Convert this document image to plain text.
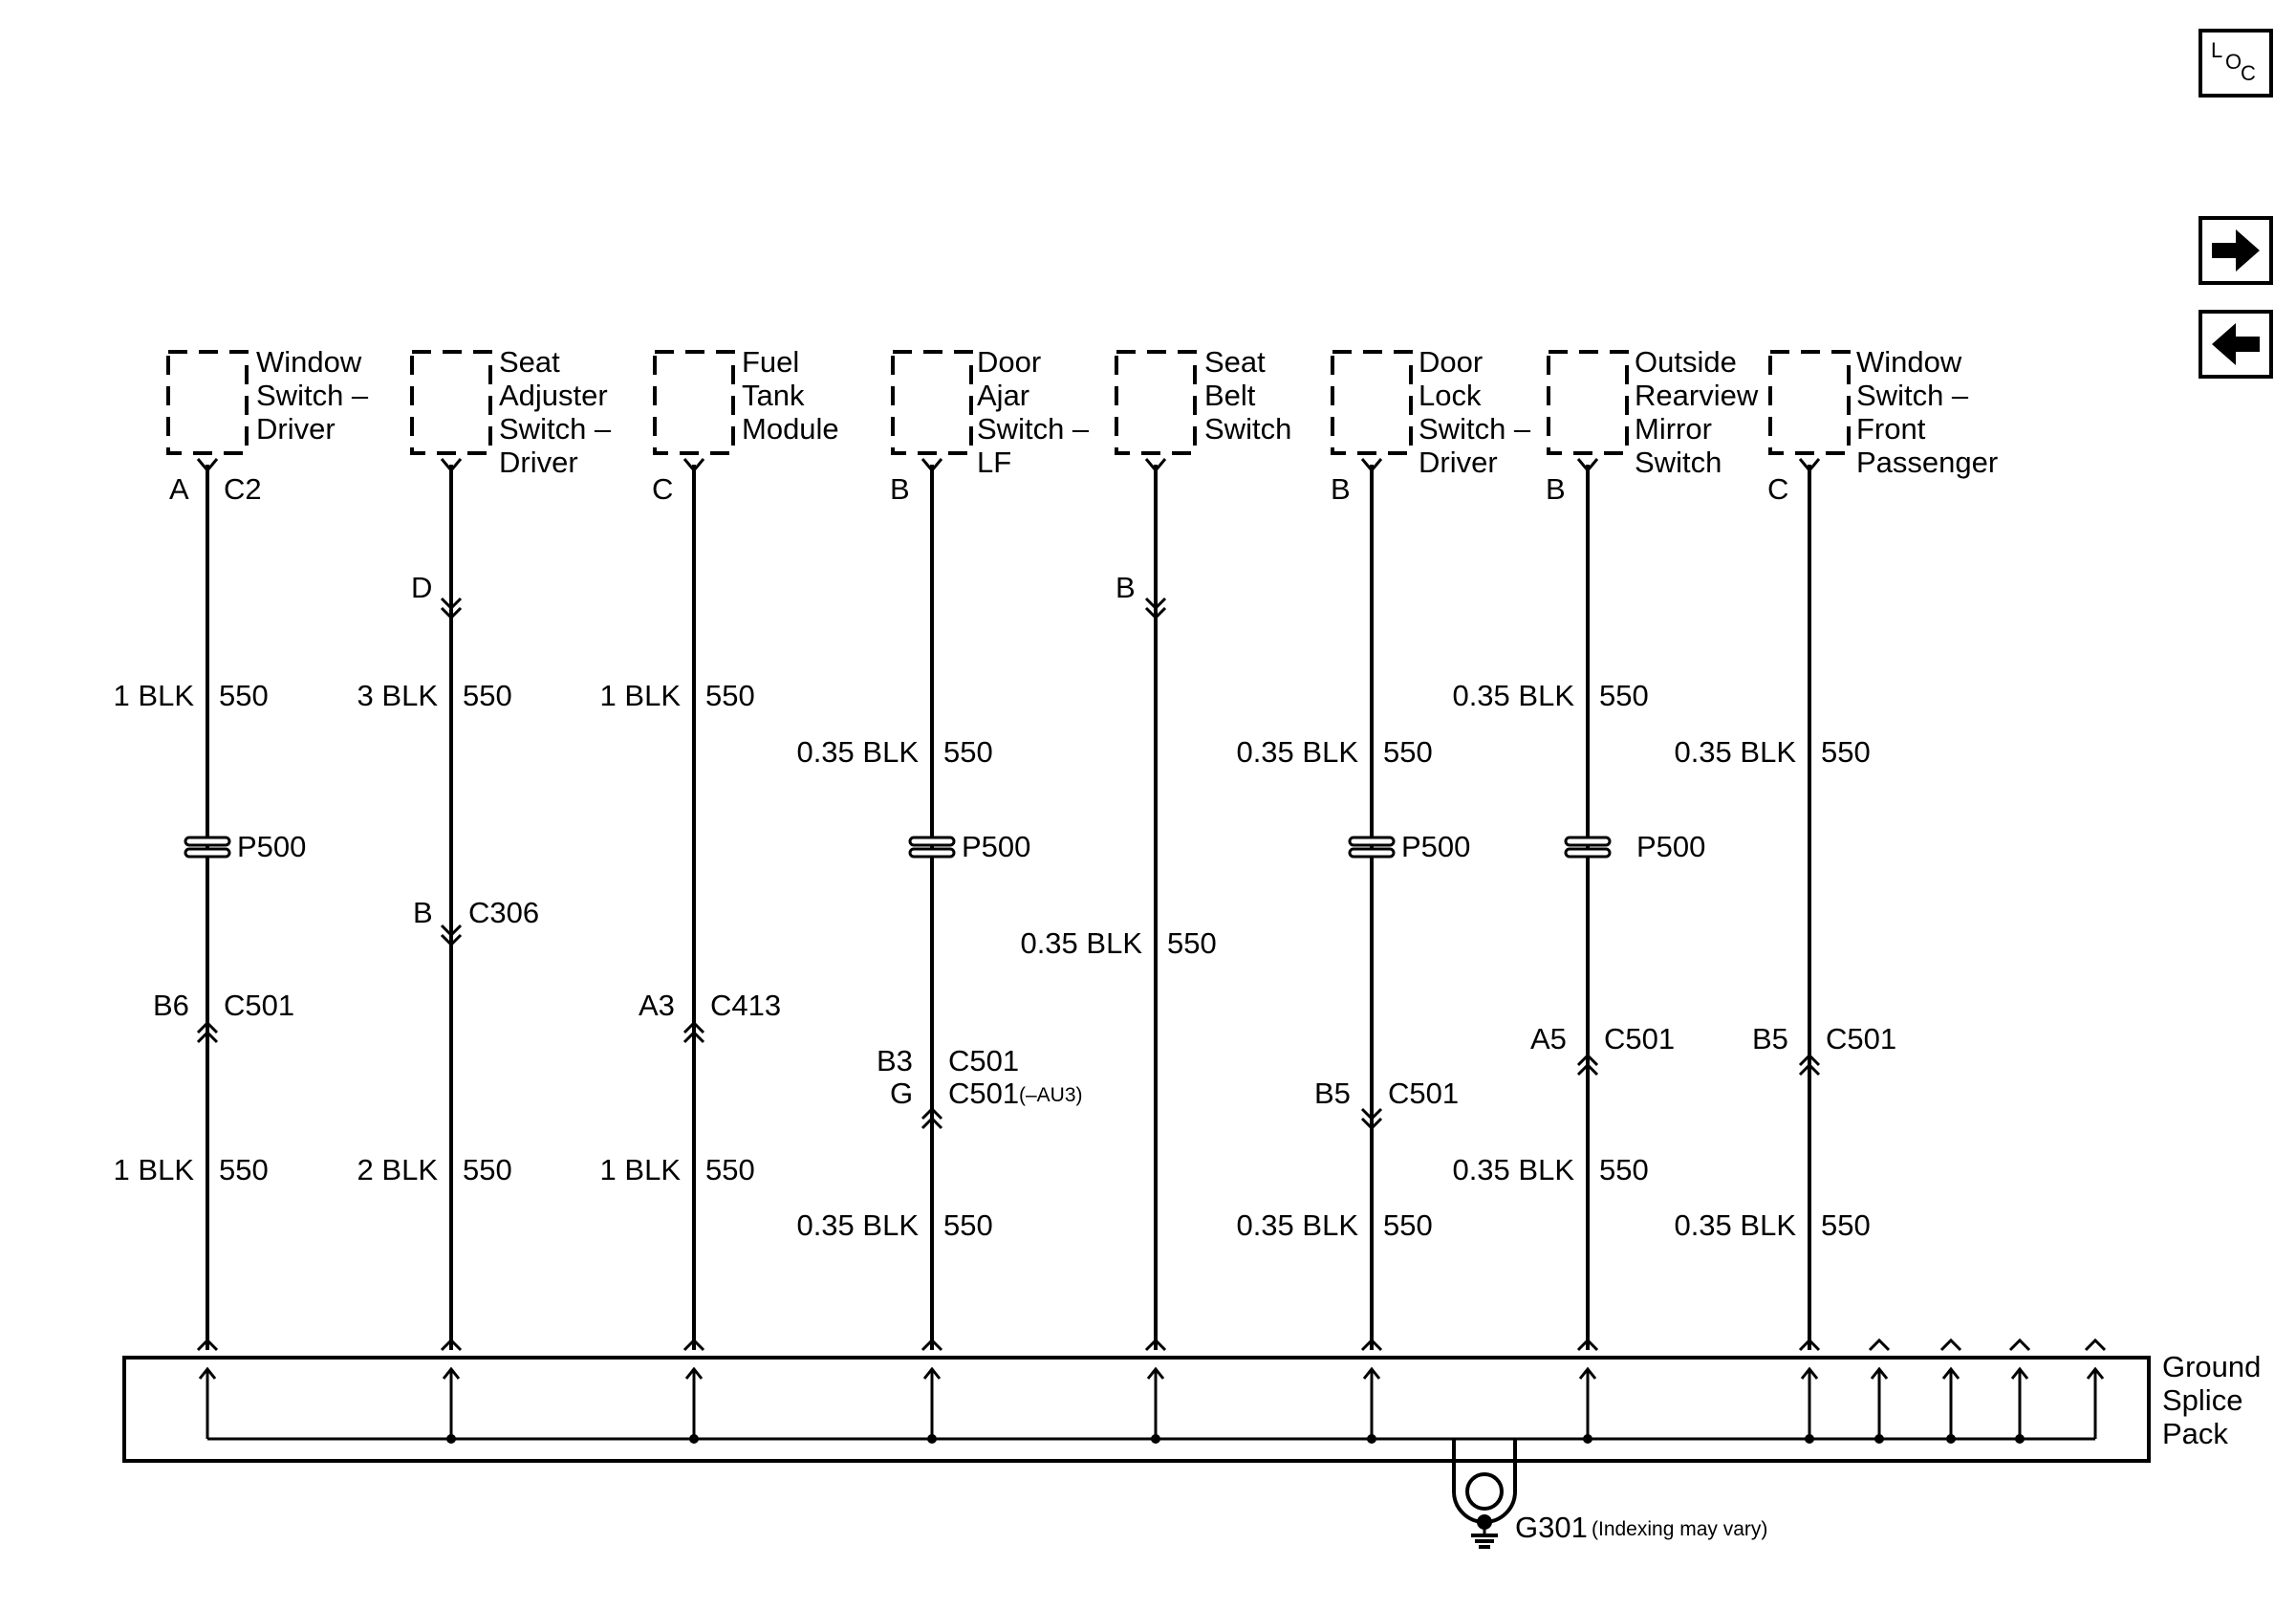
L O
C
Window
Switch –
Driver
Seat
Adjuster
Switch –
Driver
Fuel
Tank
Module
Door
Ajar
Switch –
LF
Seat
Belt
Switch
Door
Lock
Switch –
Driver
Outside
Rearview
Mirror
Switch
Window
Switch –
Front
Passenger
A C2	C	B	B	B	C
D	B
B C306
B6 C501	A3 C413
B3 C501
G C501 (–AU3)	B5 C501
A5 C501	B5 C501
P500	P500	P500	P500
1 BLK 550
1 BLK 550
3 BLK 550
2 BLK 550
1 BLK 550
1 BLK 550
0.35 BLK 550
0.35 BLK 550
0.35 BLK 550
0.35 BLK 550
0.35 BLK 550
0.35 BLK 550
0.35 BLK 550
0.35 BLK 550
0.35 BLK 550
Ground
Splice
Pack
G301 (Indexing may vary)
